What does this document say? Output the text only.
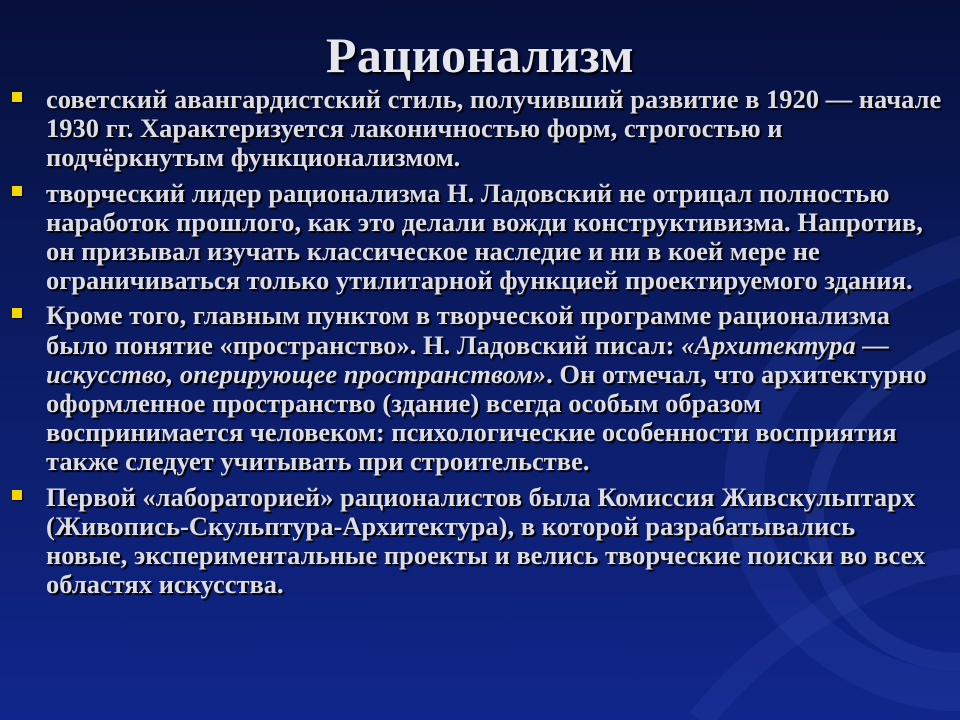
Рационализм
советский авангардистский стиль, получивший развитие в 1920 — начале 1930 гг. Характеризуется лаконичностью форм, строгостью и подчёркнутым функционализмом.
творческий лидер рационализма Н. Ладовский не отрицал полностью наработок прошлого, как это делали вожди конструктивизма. Напротив, он призывал изучать классическое наследие и ни в коей мере не ограничиваться только утилитарной функцией проектируемого здания.
Кроме того, главным пунктом в творческой программе рационализма было понятие «пространство». Н. Ладовский писал: «Архитектура — искусство, оперирующее пространством». Он отмечал, что архитектурно оформленное пространство (здание) всегда особым образом воспринимается человеком: психологические особенности восприятия также следует учитывать при строительстве.
Первой «лабораторией» рационалистов была Комиссия Живскульптарх (Живопись-Скульптура-Архитектура), в которой разрабатывались новые, экспериментальные проекты и велись творческие поиски во всех областях искусства.
